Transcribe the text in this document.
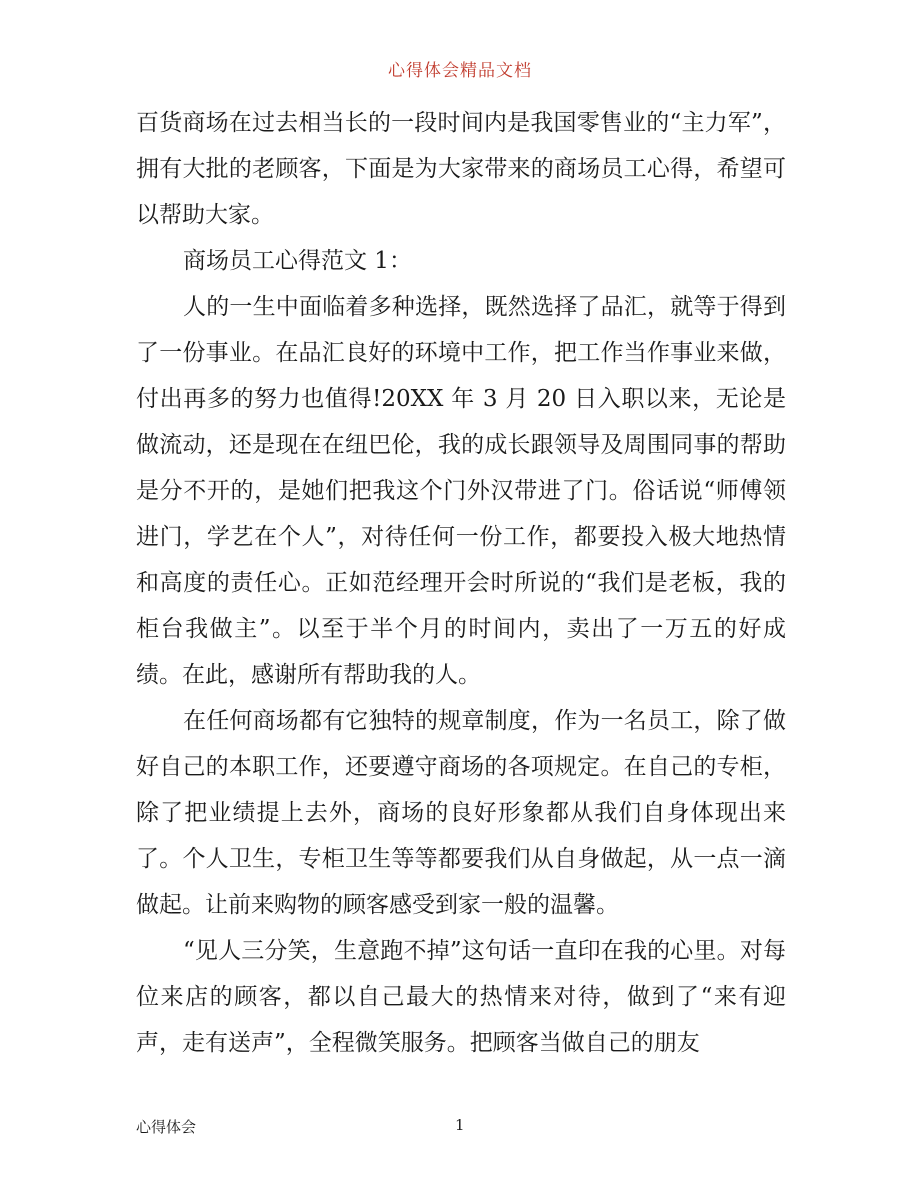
心得体会精品文档

百货商场在过去相当长的一段时间内是我国零售业的“主力军”，拥有大批的老顾客，下面是为大家带来的商场员工心得，希望可以帮助大家。

商场员工心得范文 1：

人的一生中面临着多种选择，既然选择了品汇，就等于得到了一份事业。在品汇良好的环境中工作，把工作当作事业来做，付出再多的努力也值得!20XX 年 3 月 20 日入职以来，无论是做流动，还是现在在纽巴伦，我的成长跟领导及周围同事的帮助是分不开的，是她们把我这个门外汉带进了门。俗话说“师傅领进门，学艺在个人”，对待任何一份工作，都要投入极大地热情和高度的责任心。正如范经理开会时所说的“我们是老板，我的柜台我做主”。以至于半个月的时间内，卖出了一万五的好成绩。在此，感谢所有帮助我的人。

在任何商场都有它独特的规章制度，作为一名员工，除了做好自己的本职工作，还要遵守商场的各项规定。在自己的专柜，除了把业绩提上去外，商场的良好形象都从我们自身体现出来了。个人卫生，专柜卫生等等都要我们从自身做起，从一点一滴做起。让前来购物的顾客感受到家一般的温馨。

“见人三分笑，生意跑不掉”这句话一直印在我的心里。对每位来店的顾客，都以自己最大的热情来对待，做到了“来有迎声，走有送声”，全程微笑服务。把顾客当做自己的朋友

心得体会	1
